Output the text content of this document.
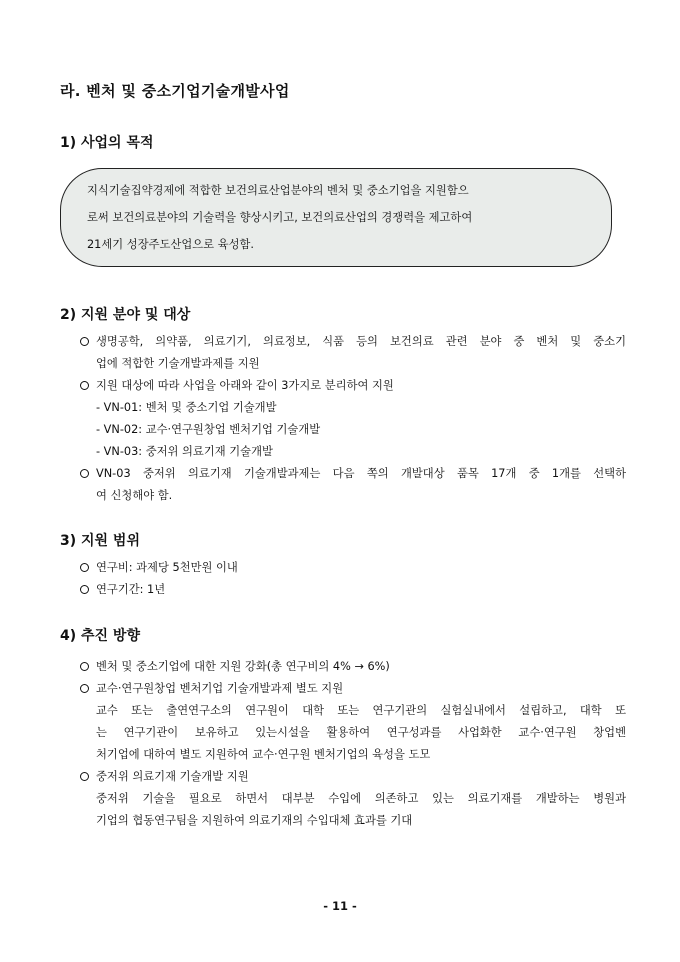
라. 벤처 및 중소기업기술개발사업
1) 사업의 목적
지식기술집약경제에 적합한 보건의료산업분야의 벤처 및 중소기업을 지원함으
로써 보건의료분야의 기술력을 향상시키고, 보건의료산업의 경쟁력을 제고하여
21세기 성장주도산업으로 육성함.
2) 지원 분야 및 대상
생명공학, 의약품, 의료기기, 의료정보, 식품 등의 보건의료 관련 분야 중 벤처 및 중소기
업에 적합한 기술개발과제를 지원
지원 대상에 따라 사업을 아래와 같이 3가지로 분리하여 지원
- VN-01: 벤처 및 중소기업 기술개발
- VN-02: 교수·연구원창업 벤처기업 기술개발
- VN-03: 중저위 의료기재 기술개발
VN-03 중저위 의료기재 기술개발과제는 다음 쪽의 개발대상 품목 17개 중 1개를 선택하
여 신청해야 함.
3) 지원 범위
연구비: 과제당 5천만원 이내
연구기간: 1년
4) 추진 방향
벤처 및 중소기업에 대한 지원 강화(총 연구비의 4% → 6%)
교수·연구원창업 벤처기업 기술개발과제 별도 지원
교수 또는 출연연구소의 연구원이 대학 또는 연구기관의 실험실내에서 설립하고, 대학 또
는 연구기관이 보유하고 있는시설을 활용하여 연구성과를 사업화한 교수·연구원 창업벤
처기업에 대하여 별도 지원하여 교수·연구원 벤처기업의 육성을 도모
중저위 의료기재 기술개발 지원
중저위 기술을 필요로 하면서 대부분 수입에 의존하고 있는 의료기재를 개발하는 병원과
기업의 협동연구팀을 지원하여 의료기재의 수입대체 효과를 기대
- 11 -
